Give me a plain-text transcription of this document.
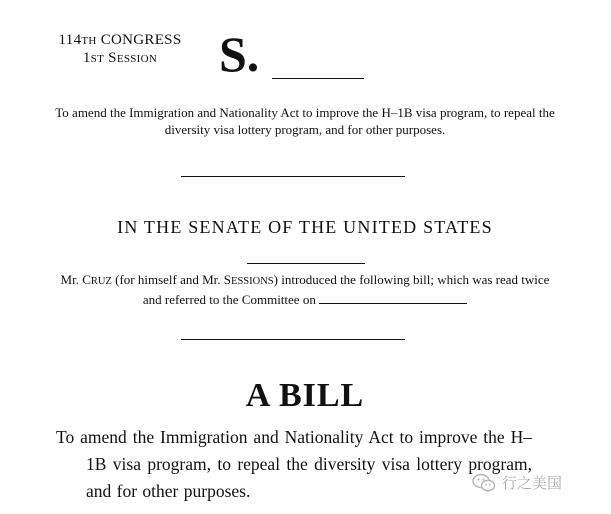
114TH CONGRESS
1ST SESSION	S.
To amend the Immigration and Nationality Act to improve the H–1B visa program, to repeal the diversity visa lottery program, and for other purposes.
IN THE SENATE OF THE UNITED STATES
Mr. CRUZ (for himself and Mr. SESSIONS) introduced the following bill; which was read twice and referred to the Committee on
A BILL
To amend the Immigration and Nationality Act to improve the H–1B visa program, to repeal the diversity visa lottery program, and for other purposes.	行之美国
